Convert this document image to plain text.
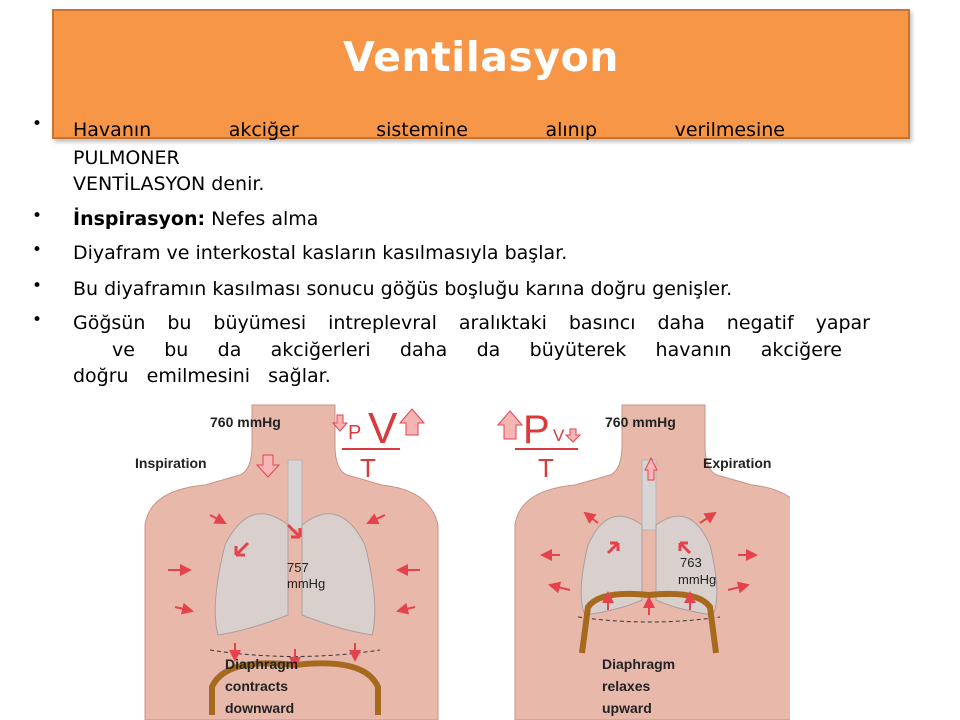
Ventilasyon
• Havanın	akciğer	sistemine	alınıp	verilmesine
PULMONER
VENTİLASYON denir.
• İnspirasyon: Nefes alma
• Diyafram ve interkostal kasların kasılmasıyla başlar.
• Bu diyaframın kasılması sonucu göğüs boşluğu karına doğru genişler.
• Göğsün bu büyümesi intreplevral aralıktaki basıncı daha negatif yapar
ve bu da akciğerleri daha da büyüterek havanın akciğere
doğru emilmesini sağlar.
760 mmHg
Inspiration
757
mmHg
Diaphragm
contracts
downward
P V
T
760 mmHg
Expiration
763
mmHg
Diaphragm
relaxes
upward
P V
T
